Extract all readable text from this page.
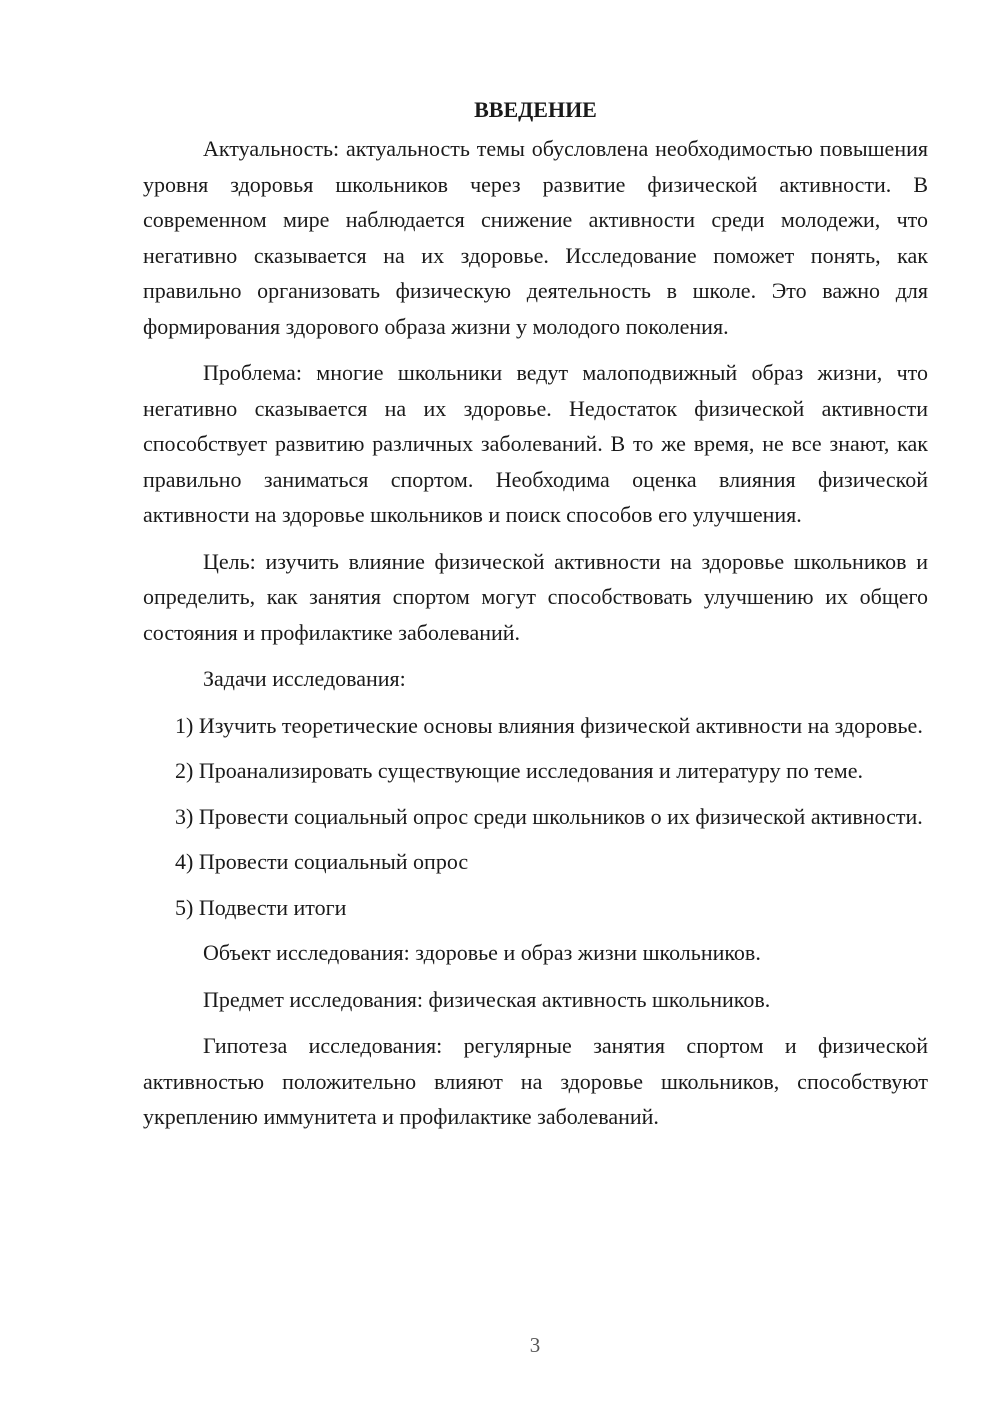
ВВЕДЕНИЕ

Актуальность: актуальность темы обусловлена необходимостью повышения уровня здоровья школьников через развитие физической активности. В современном мире наблюдается снижение активности среди молодежи, что негативно сказывается на их здоровье. Исследование поможет понять, как правильно организовать физическую деятельность в школе. Это важно для формирования здорового образа жизни у молодого поколения.

Проблема: многие школьники ведут малоподвижный образ жизни, что негативно сказывается на их здоровье. Недостаток физической активности способствует развитию различных заболеваний. В то же время, не все знают, как правильно заниматься спортом. Необходима оценка влияния физической активности на здоровье школьников и поиск способов его улучшения.

Цель: изучить влияние физической активности на здоровье школьников и определить, как занятия спортом могут способствовать улучшению их общего состояния и профилактике заболеваний.

Задачи исследования:

1) Изучить теоретические основы влияния физической активности на здоровье.

2) Проанализировать существующие исследования и литературу по теме.

3) Провести социальный опрос среди школьников о их физической активности.

4) Провести социальный опрос

5) Подвести итоги

Объект исследования: здоровье и образ жизни школьников.

Предмет исследования: физическая активность школьников.

Гипотеза исследования: регулярные занятия спортом и физической активностью положительно влияют на здоровье школьников, способствуют укреплению иммунитета и профилактике заболеваний.

3
